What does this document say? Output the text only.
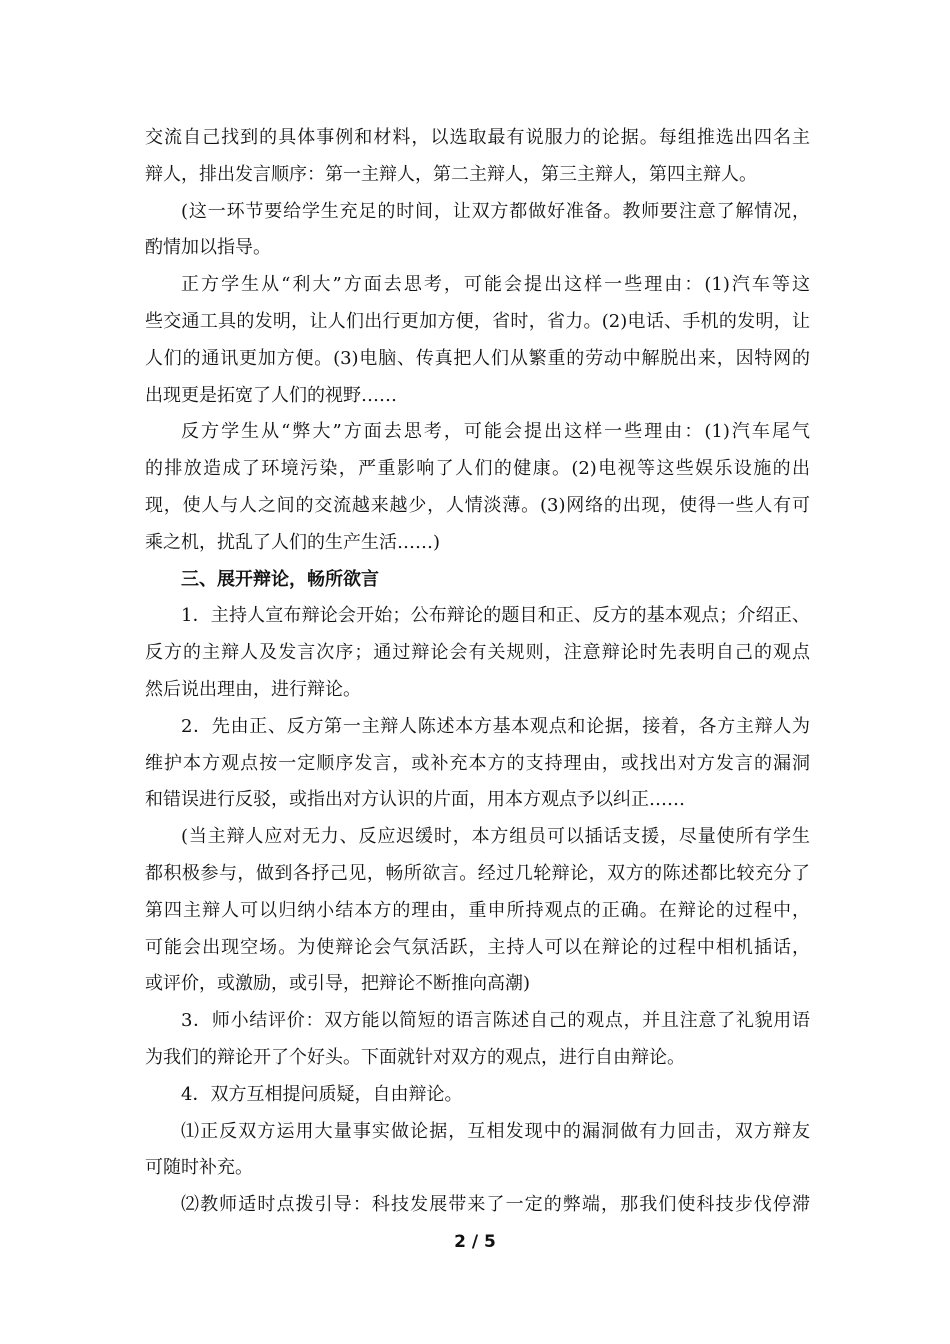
交流自己找到的具体事例和材料，以选取最有说服力的论据。每组推选出四名主
辩人，排出发言顺序：第一主辩人，第二主辩人，第三主辩人，第四主辩人。
(这一环节要给学生充足的时间，让双方都做好准备。教师要注意了解情况，
酌情加以指导。
正方学生从“利大”方面去思考，可能会提出这样一些理由：(1)汽车等这
些交通工具的发明，让人们出行更加方便，省时，省力。(2)电话、手机的发明，让
人们的通讯更加方便。(3)电脑、传真把人们从繁重的劳动中解脱出来，因特网的
出现更是拓宽了人们的视野……
反方学生从“弊大”方面去思考，可能会提出这样一些理由：(1)汽车尾气
的排放造成了环境污染，严重影响了人们的健康。(2)电视等这些娱乐设施的出
现，使人与人之间的交流越来越少，人情淡薄。(3)网络的出现，使得一些人有可
乘之机，扰乱了人们的生产生活……)
三、展开辩论，畅所欲言
1．主持人宣布辩论会开始；公布辩论的题目和正、反方的基本观点；介绍正、
反方的主辩人及发言次序；通过辩论会有关规则，注意辩论时先表明自己的观点
然后说出理由，进行辩论。
2．先由正、反方第一主辩人陈述本方基本观点和论据，接着，各方主辩人为
维护本方观点按一定顺序发言，或补充本方的支持理由，或找出对方发言的漏洞
和错误进行反驳，或指出对方认识的片面，用本方观点予以纠正……
(当主辩人应对无力、反应迟缓时，本方组员可以插话支援，尽量使所有学生
都积极参与，做到各抒己见，畅所欲言。经过几轮辩论，双方的陈述都比较充分了
第四主辩人可以归纳小结本方的理由，重申所持观点的正确。在辩论的过程中，
可能会出现空场。为使辩论会气氛活跃，主持人可以在辩论的过程中相机插话，
或评价，或激励，或引导，把辩论不断推向高潮)
3．师小结评价：双方能以简短的语言陈述自己的观点，并且注意了礼貌用语
为我们的辩论开了个好头。下面就针对双方的观点，进行自由辩论。
4．双方互相提问质疑，自由辩论。
⑴正反双方运用大量事实做论据，互相发现中的漏洞做有力回击，双方辩友
可随时补充。
⑵教师适时点拨引导：科技发展带来了一定的弊端，那我们使科技步伐停滞
2 / 5
